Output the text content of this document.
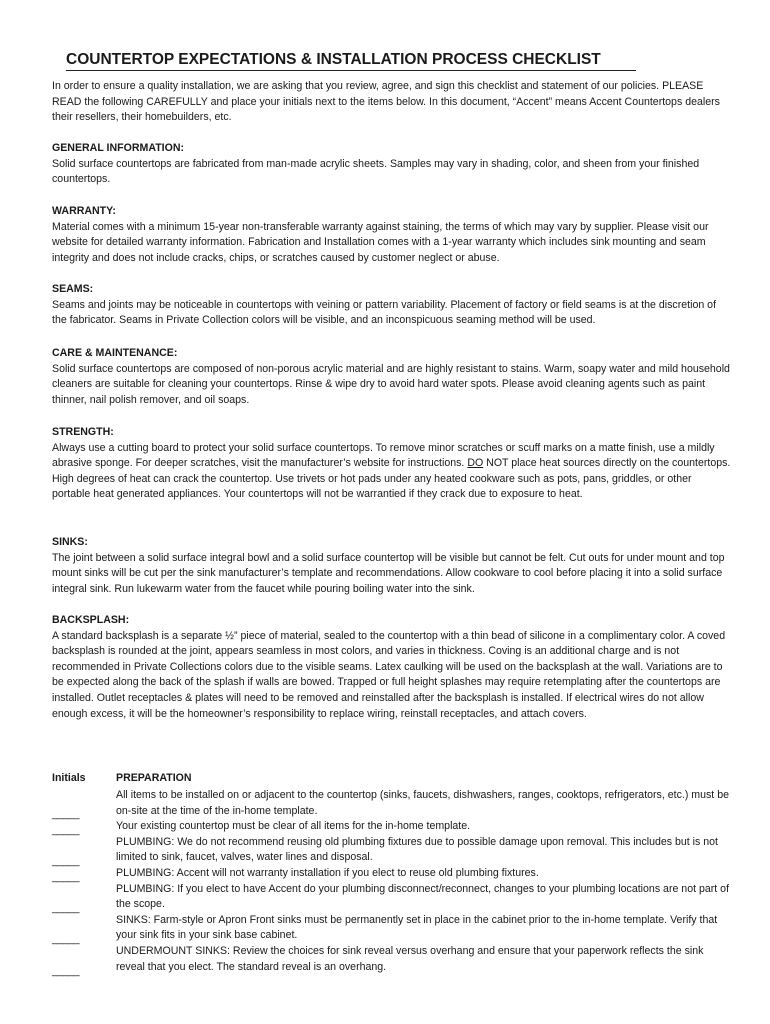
COUNTERTOP EXPECTATIONS & INSTALLATION PROCESS CHECKLIST
In order to ensure a quality installation, we are asking that you review, agree, and sign this checklist and statement of our policies. PLEASE READ the following CAREFULLY and place your initials next to the items below. In this document, “Accent” means Accent Countertops dealers their resellers, their homebuilders, etc.
GENERAL INFORMATION:
Solid surface countertops are fabricated from man-made acrylic sheets. Samples may vary in shading, color, and sheen from your finished countertops.
WARRANTY:
Material comes with a minimum 15-year non-transferable warranty against staining, the terms of which may vary by supplier. Please visit our website for detailed warranty information. Fabrication and Installation comes with a 1-year warranty which includes sink mounting and seam integrity and does not include cracks, chips, or scratches caused by customer neglect or abuse.
SEAMS:
Seams and joints may be noticeable in countertops with veining or pattern variability. Placement of factory or field seams is at the discretion of the fabricator. Seams in Private Collection colors will be visible, and an inconspicuous seaming method will be used.
CARE & MAINTENANCE:
Solid surface countertops are composed of non-porous acrylic material and are highly resistant to stains. Warm, soapy water and mild household cleaners are suitable for cleaning your countertops. Rinse & wipe dry to avoid hard water spots. Please avoid cleaning agents such as paint thinner, nail polish remover, and oil soaps.
STRENGTH:
Always use a cutting board to protect your solid surface countertops. To remove minor scratches or scuff marks on a matte finish, use a mildly abrasive sponge. For deeper scratches, visit the manufacturer’s website for instructions. DO NOT place heat sources directly on the countertops. High degrees of heat can crack the countertop. Use trivets or hot pads under any heated cookware such as pots, pans, griddles, or other portable heat generated appliances. Your countertops will not be warrantied if they crack due to exposure to heat.
SINKS:
The joint between a solid surface integral bowl and a solid surface countertop will be visible but cannot be felt. Cut outs for under mount and top mount sinks will be cut per the sink manufacturer’s template and recommendations. Allow cookware to cool before placing it into a solid surface integral sink. Run lukewarm water from the faucet while pouring boiling water into the sink.
BACKSPLASH:
A standard backsplash is a separate ½” piece of material, sealed to the countertop with a thin bead of silicone in a complimentary color. A coved backsplash is rounded at the joint, appears seamless in most colors, and varies in thickness. Coving is an additional charge and is not recommended in Private Collections colors due to the visible seams. Latex caulking will be used on the backsplash at the wall. Variations are to be expected along the back of the splash if walls are bowed. Trapped or full height splashes may require retemplating after the countertops are installed. Outlet receptacles & plates will need to be removed and reinstalled after the backsplash is installed. If electrical wires do not allow enough excess, it will be the homeowner’s responsibility to replace wiring, reinstall receptacles, and attach covers.
Initials	PREPARATION
All items to be installed on or adjacent to the countertop (sinks, faucets, dishwashers, ranges, cooktops, refrigerators, etc.) must be on-site at the time of the in-home template.
Your existing countertop must be clear of all items for the in-home template.
PLUMBING: We do not recommend reusing old plumbing fixtures due to possible damage upon removal. This includes but is not limited to sink, faucet, valves, water lines and disposal.
PLUMBING: Accent will not warranty installation if you elect to reuse old plumbing fixtures.
PLUMBING: If you elect to have Accent do your plumbing disconnect/reconnect, changes to your plumbing locations are not part of the scope.
SINKS: Farm-style or Apron Front sinks must be permanently set in place in the cabinet prior to the in-home template. Verify that your sink fits in your sink base cabinet.
UNDERMOUNT SINKS: Review the choices for sink reveal versus overhang and ensure that your paperwork reflects the sink reveal that you elect. The standard reveal is an overhang.
_____
_____
_____
_____
_____
_____
_____
